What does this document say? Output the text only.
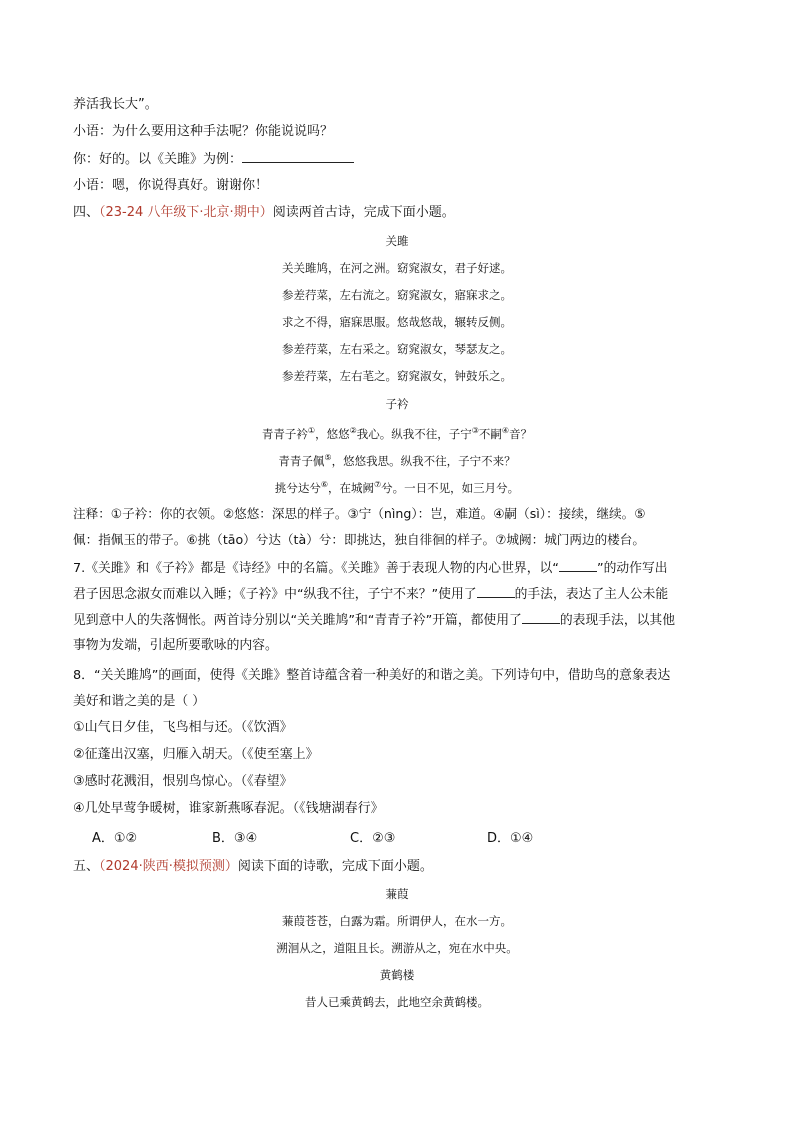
养活我长大”。
小语：为什么要用这种手法呢？你能说说吗？
你：好的。以《关雎》为例：
小语：嗯，你说得真好。谢谢你！
四、（23-24 八年级下·北京·期中）阅读两首古诗，完成下面小题。
关雎
关关雎鸠，在河之洲。窈窕淑女，君子好逑。
参差荇菜，左右流之。窈窕淑女，寤寐求之。
求之不得，寤寐思服。悠哉悠哉，辗转反侧。
参差荇菜，左右采之。窈窕淑女，琴瑟友之。
参差荇菜，左右芼之。窈窕淑女，钟鼓乐之。
子衿
青青子衿①，悠悠②我心。纵我不往，子宁③不嗣④音？
青青子佩⑤，悠悠我思。纵我不往，子宁不来？
挑兮达兮⑥，在城阙⑦兮。一日不见，如三月兮。
注释：①子衿：你的衣领。②悠悠：深思的样子。③宁（nìng）：岂，难道。④嗣（sì）：接续，继续。⑤
佩：指佩玉的带子。⑥挑（tāo）兮达（tà）兮：即挑达，独自徘徊的样子。⑦城阙：城门两边的楼台。
7.《关雎》和《子衿》都是《诗经》中的名篇。《关雎》善于表现人物的内心世界，以“	”的动作写出
君子因思念淑女而难以入睡；《子衿》中“纵我不往，子宁不来？”使用了	的手法，表达了主人公未能
见到意中人的失落惆怅。两首诗分别以“关关雎鸠”和“青青子衿”开篇，都使用了	的表现手法，以其他
事物为发端，引起所要歌咏的内容。
8．“关关雎鸠”的画面，使得《关雎》整首诗蕴含着一种美好的和谐之美。下列诗句中，借助鸟的意象表达
美好和谐之美的是（ ）
①山气日夕佳，飞鸟相与还。（《饮酒》
②征蓬出汉塞，归雁入胡天。（《使至塞上》
③感时花溅泪，恨别鸟惊心。（《春望》
④几处早莺争暖树，谁家新燕啄春泥。（《钱塘湖春行》
A．①②	B．③④	C．②③	D．①④
五、（2024·陕西·模拟预测）阅读下面的诗歌，完成下面小题。
蒹葭
蒹葭苍苍，白露为霜。所谓伊人，在水一方。
溯洄从之，道阻且长。溯游从之，宛在水中央。
黄鹤楼
昔人已乘黄鹤去，此地空余黄鹤楼。
